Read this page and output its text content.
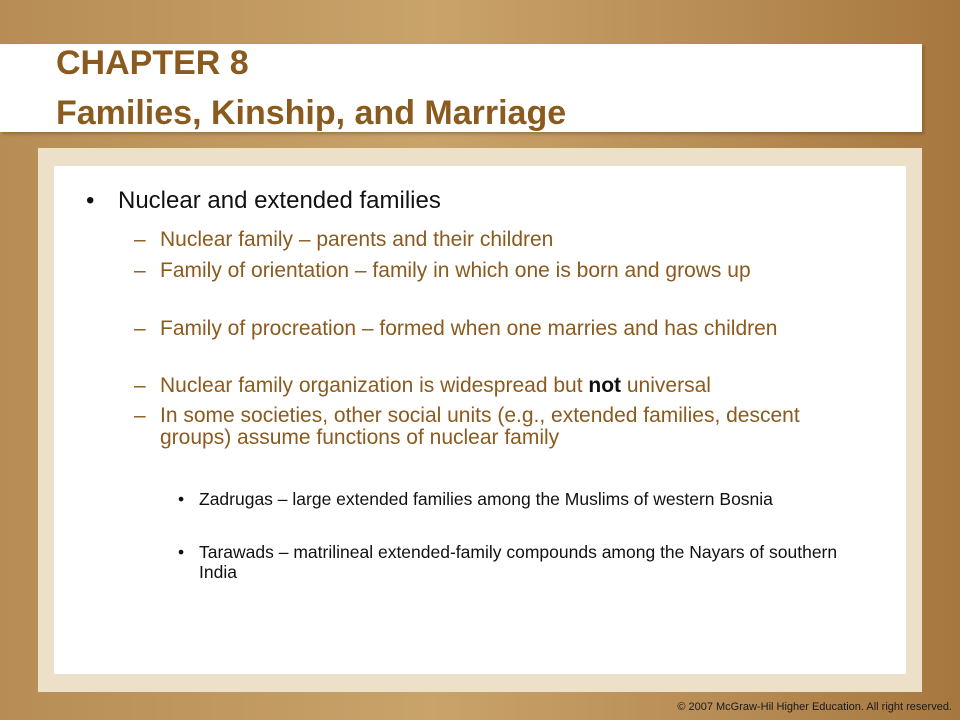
CHAPTER 8
Families, Kinship, and Marriage
• Nuclear and extended families
– Nuclear family – parents and their children
– Family of orientation – family in which one is born and grows up
– Family of procreation – formed when one marries and has children
– Nuclear family organization is widespread but not universal
– In some societies, other social units (e.g., extended families, descent groups) assume functions of nuclear family
• Zadrugas – large extended families among the Muslims of western Bosnia
• Tarawads – matrilineal extended-family compounds among the Nayars of southern India
© 2007 McGraw-Hil Higher Education. All right reserved.
